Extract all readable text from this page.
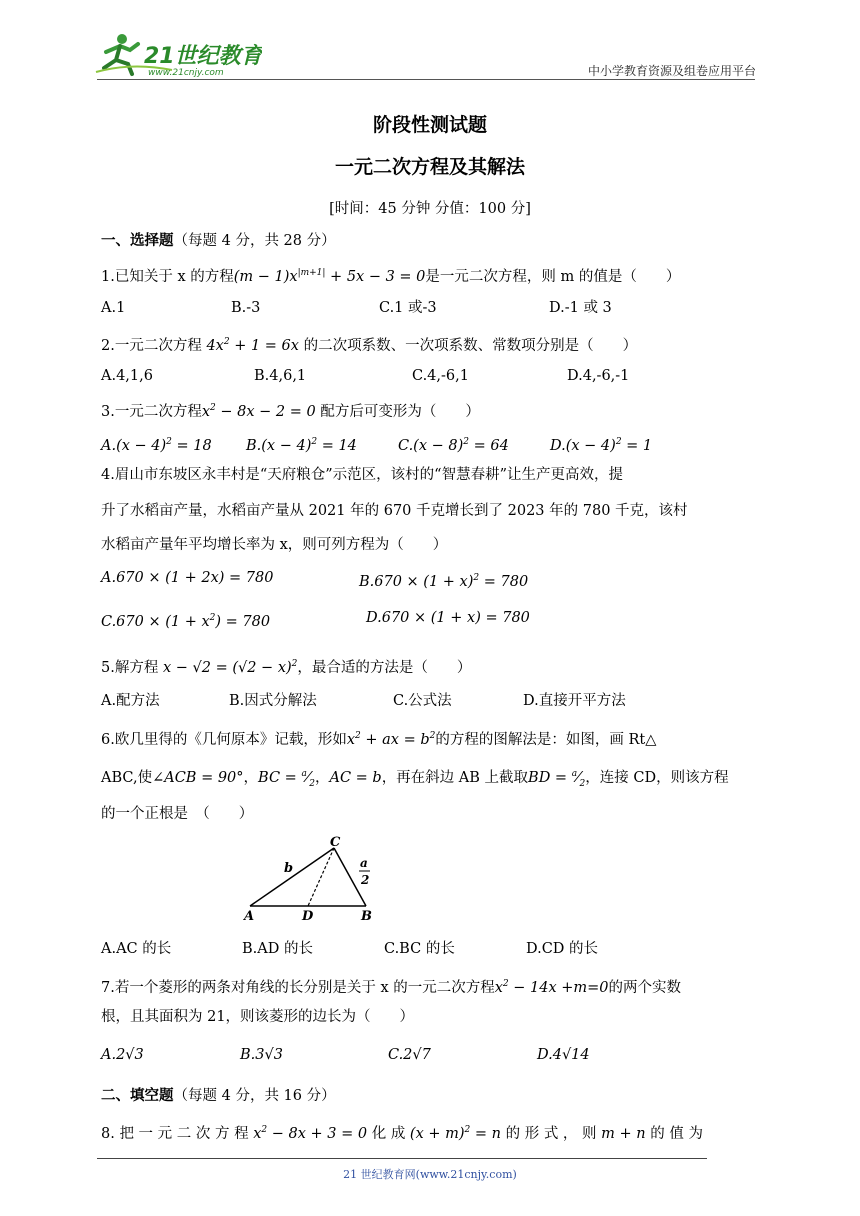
21世纪教育
www.21cnjy.com	中小学教育资源及组卷应用平台
阶段性测试题
一元二次方程及其解法
[时间：45 分钟 分值：100 分]
一、选择题（每题 4 分，共 28 分）
1.已知关于 x 的方程$(m - 1)x^{|m+1|} + 5x - 3 = 0$是一元二次方程，则 m 的值是（　　）
A.1	B.-3	C.1 或-3	D.-1 或 3
2.一元二次方程 $4x^2 + 1 = 6x$ 的二次项系数、一次项系数、常数项分别是（　　）
A.4,1,6	B.4,6,1	C.4,-6,1	D.4,-6,-1
3.一元二次方程$x^2 - 8x - 2 = 0$ 配方后可变形为（　　）
$A.(x - 4)^2 = 18$ $B.(x - 4)^2 = 14$	$C.(x - 8)^2 = 64$	$D.(x - 4)^2 = 1$
4.眉山市东坡区永丰村是“天府粮仓”示范区，该村的“智慧春耕”让生产更高效，提
升了水稻亩产量，水稻亩产量从 2021 年的 670 千克增长到了 2023 年的 780 千克，该村
水稻亩产量年平均增长率为 x，则可列方程为（　　）
A.670 × (1 + 2x) = 780	$B.670 \times (1 + x)^2 = 780$
$C.670 \times (1 + x^2) = 780$	D.670 × (1 + x) = 780
5.解方程 $x - √2 = (√2 - x)^2$，最合适的方法是（　　）
A.配方法	B.因式分解法	C.公式法	D.直接开平方法
6.欧几里得的《几何原本》记载，形如$x^2$ + ax = $b^2$的方程的图解法是：如图，画 Rt△
ABC,使∠ACB = 90°，BC = $^a⁄_2$，AC = b，再在斜边 AB 上截取BD = $^a⁄_2$，连接 CD，则该方程
的一个正根是　（　　）
A	B
C
D
b	a
2
A.AC 的长	B.AD 的长	C.BC 的长	D.CD 的长
7.若一个菱形的两条对角线的长分别是关于 x 的一元二次方程$x^2 - 14x +m=0$的两个实数
根，且其面积为 21，则该菱形的边长为（　　）
A.2√3	B.3√3	C.2√7	D.4√14
二、填空题（每题 4 分，共 16 分）
8. 把 一 元 二 次 方 程 $x^2 - 8x + 3 = 0$ 化 成 $(x + m)^2 = n$ 的 形 式 ， 则 m + n 的 值 为
21 世纪教育网(www.21cnjy.com)
